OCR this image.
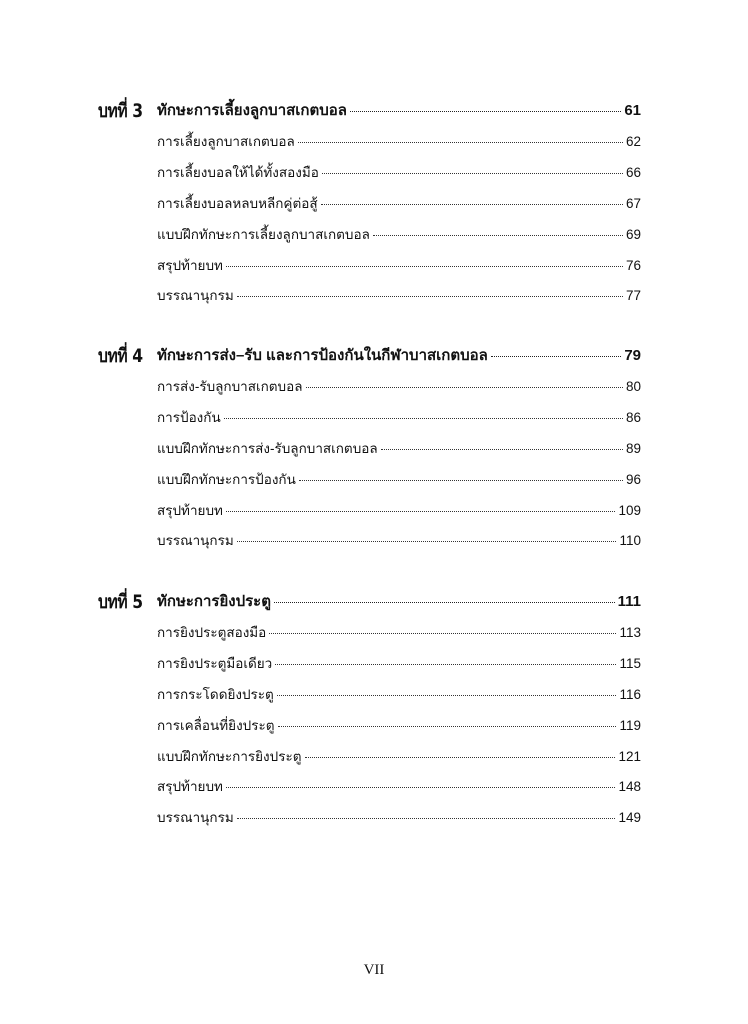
บทที่ 3 ทักษะการเลี้ยงลูกบาสเกตบอล	61
การเลี้ยงลูกบาสเกตบอล	62
การเลี้ยงบอลให้ได้ทั้งสองมือ	66
การเลี้ยงบอลหลบหลีกคู่ต่อสู้	67
แบบฝึกทักษะการเลี้ยงลูกบาสเกตบอล	69
สรุปท้ายบท	76
บรรณานุกรม	77
บทที่ 4 ทักษะการส่ง–รับ และการป้องกันในกีฬาบาสเกตบอล	79
การส่ง-รับลูกบาสเกตบอล	80
การป้องกัน	86
แบบฝึกทักษะการส่ง-รับลูกบาสเกตบอล	89
แบบฝึกทักษะการป้องกัน	96
สรุปท้ายบท	109
บรรณานุกรม	110
บทที่ 5 ทักษะการยิงประตู	111
การยิงประตูสองมือ	113
การยิงประตูมือเดียว	115
การกระโดดยิงประตู	116
การเคลื่อนที่ยิงประตู	119
แบบฝึกทักษะการยิงประตู	121
สรุปท้ายบท	148
บรรณานุกรม	149
VII
